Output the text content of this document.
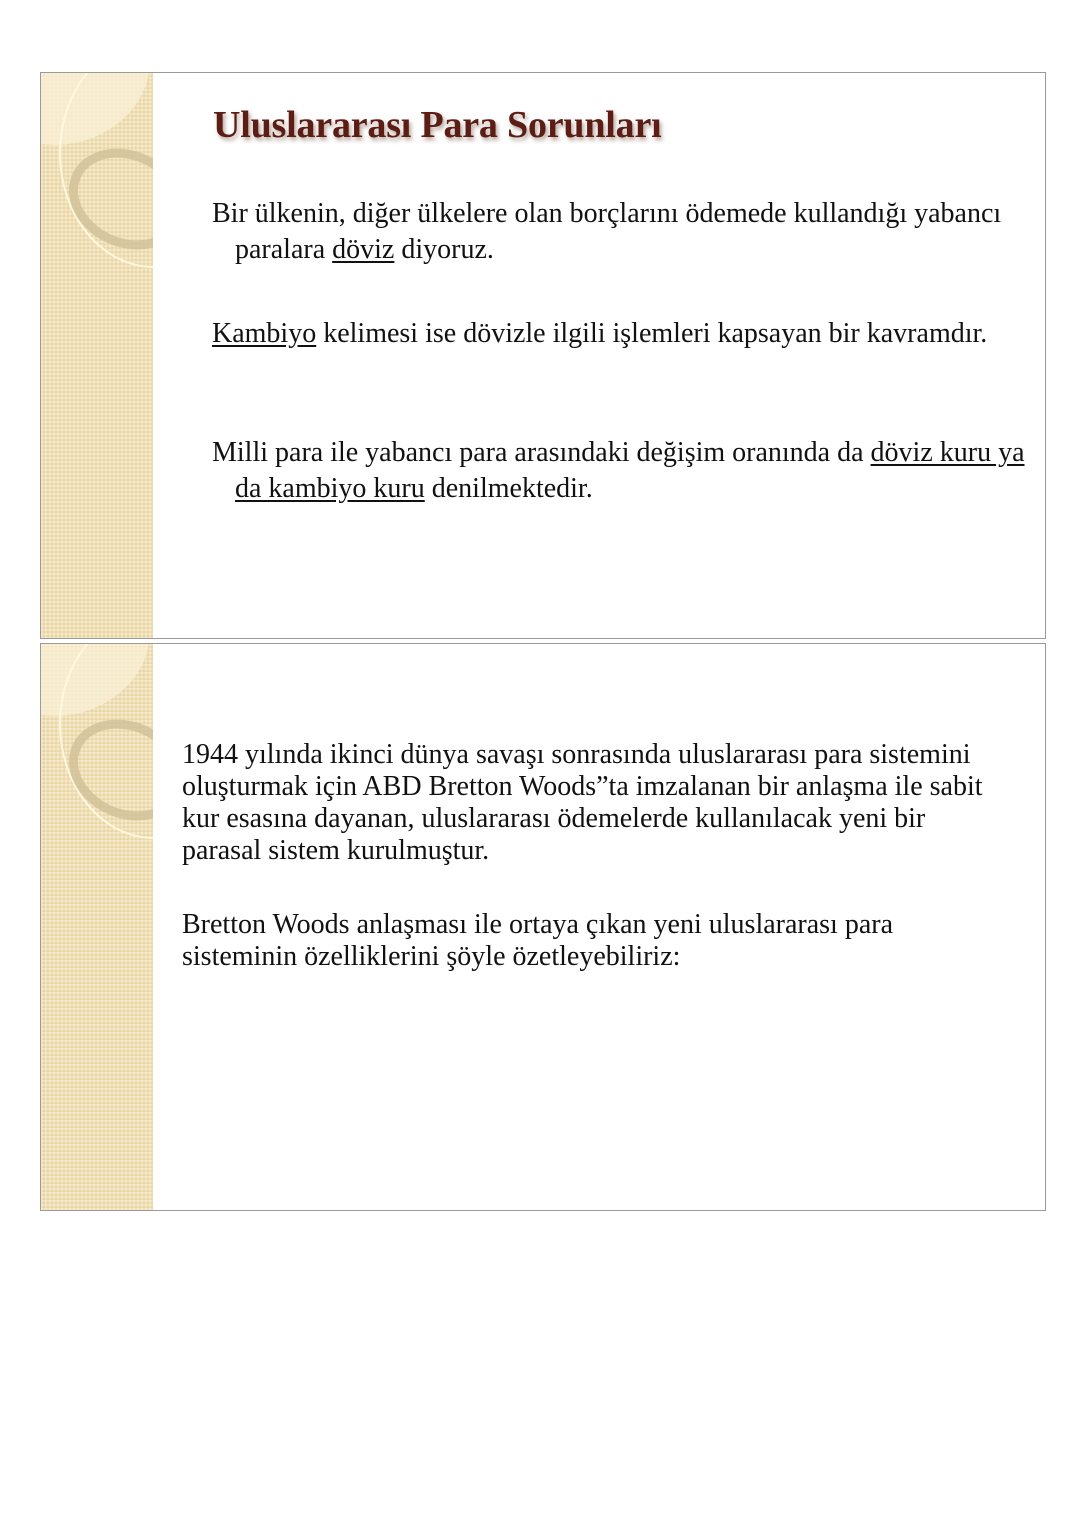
Uluslararası Para Sorunları

Bir ülkenin, diğer ülkelere olan borçlarını ödemede kullandığı yabancı paralara döviz diyoruz.

Kambiyo kelimesi ise dövizle ilgili işlemleri kapsayan bir kavramdır.

Milli para ile yabancı para arasındaki değişim oranında da döviz kuru ya da kambiyo kuru denilmektedir.

1944 yılında ikinci dünya savaşı sonrasında uluslararası para sistemini oluşturmak için ABD Bretton Woods”ta imzalanan bir anlaşma ile sabit kur esasına dayanan, uluslararası ödemelerde kullanılacak yeni bir parasal sistem kurulmuştur.

Bretton Woods anlaşması ile ortaya çıkan yeni uluslararası para sisteminin özelliklerini şöyle özetleyebiliriz:
